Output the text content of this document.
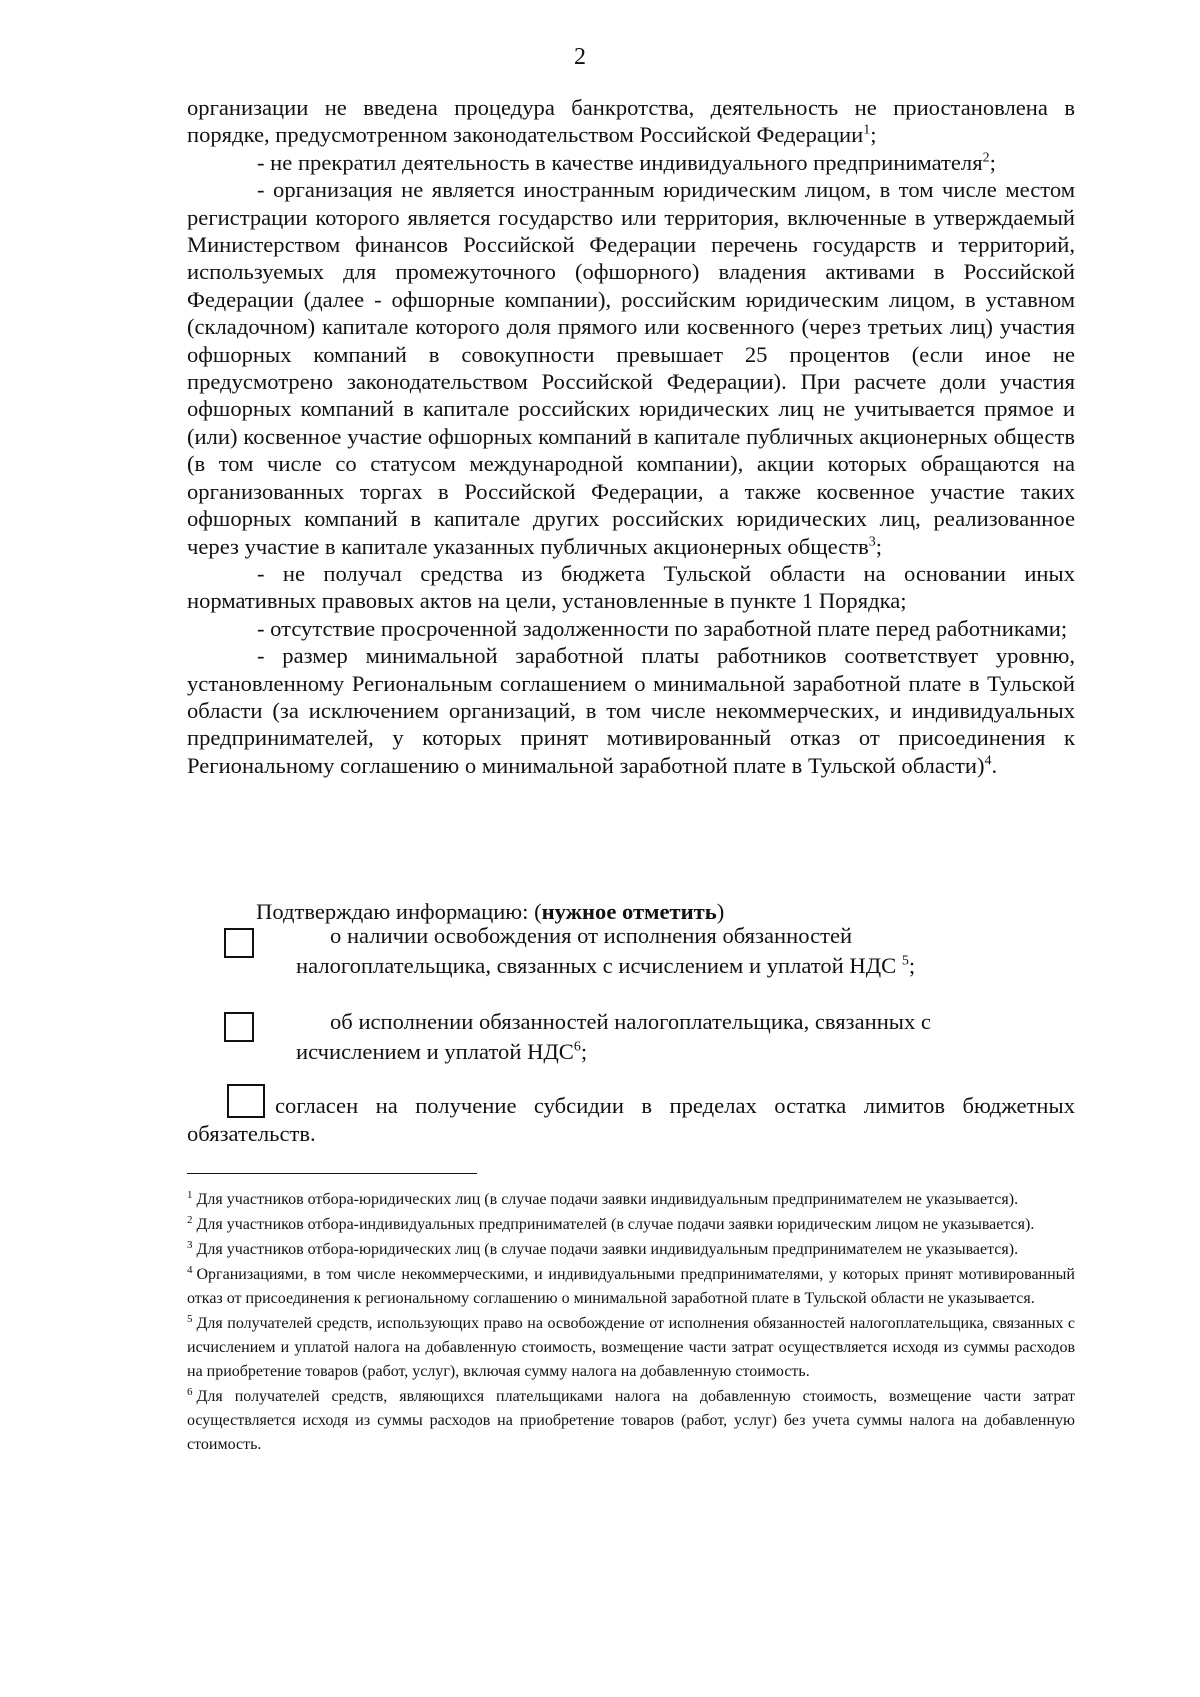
2

организации не введена процедура банкротства, деятельность не приостановлена в порядке, предусмотренном законодательством Российской Федерации$^1$;

- не прекратил деятельность в качестве индивидуального предпринимателя$^2$;

- организация не является иностранным юридическим лицом, в том числе местом регистрации которого является государство или территория, включенные в утверждаемый Министерством финансов Российской Федерации перечень государств и территорий, используемых для промежуточного (офшорного) владения активами в Российской Федерации (далее - офшорные компании), российским юридическим лицом, в уставном (складочном) капитале которого доля прямого или косвенного (через третьих лиц) участия офшорных компаний в совокупности превышает 25 процентов (если иное не предусмотрено законодательством Российской Федерации). При расчете доли участия офшорных компаний в капитале российских юридических лиц не учитывается прямое и (или) косвенное участие офшорных компаний в капитале публичных акционерных обществ (в том числе со статусом международной компании), акции которых обращаются на организованных торгах в Российской Федерации, а также косвенное участие таких офшорных компаний в капитале других российских юридических лиц, реализованное через участие в капитале указанных публичных акционерных обществ$^3$;

- не получал средства из бюджета Тульской области на основании иных нормативных правовых актов на цели, установленные в пункте 1 Порядка;

- отсутствие просроченной задолженности по заработной плате перед работниками;

- размер минимальной заработной платы работников соответствует уровню, установленному Региональным соглашением о минимальной заработной плате в Тульской области (за исключением организаций, в том числе некоммерческих, и индивидуальных предпринимателей, у которых принят мотивированный отказ от присоединения к Региональному соглашению о минимальной заработной плате в Тульской области)$^4$.

Подтверждаю информацию: (нужное отметить)
о наличии освобождения от исполнения обязанностей
налогоплательщика, связанных с исчислением и уплатой НДС $^5$;
об исполнении обязанностей налогоплательщика, связанных с
исчислением и уплатой НДС$^6$;
согласен на получение субсидии в пределах остатка лимитов бюджетных обязательств.

$^1$ Для участников отбора-юридических лиц (в случае подачи заявки индивидуальным предпринимателем не указывается).

$^2$ Для участников отбора-индивидуальных предпринимателей (в случае подачи заявки юридическим лицом не указывается).

$^3$ Для участников отбора-юридических лиц (в случае подачи заявки индивидуальным предпринимателем не указывается).

$^4$ Организациями, в том числе некоммерческими, и индивидуальными предпринимателями, у которых принят мотивированный отказ от присоединения к региональному соглашению о минимальной заработной плате в Тульской области не указывается.

$^5$ Для получателей средств, использующих право на освобождение от исполнения обязанностей налогоплательщика, связанных с исчислением и уплатой налога на добавленную стоимость, возмещение части затрат осуществляется исходя из суммы расходов на приобретение товаров (работ, услуг), включая сумму налога на добавленную стоимость.

$^6$ Для получателей средств, являющихся плательщиками налога на добавленную стоимость, возмещение части затрат осуществляется исходя из суммы расходов на приобретение товаров (работ, услуг) без учета суммы налога на добавленную стоимость.
